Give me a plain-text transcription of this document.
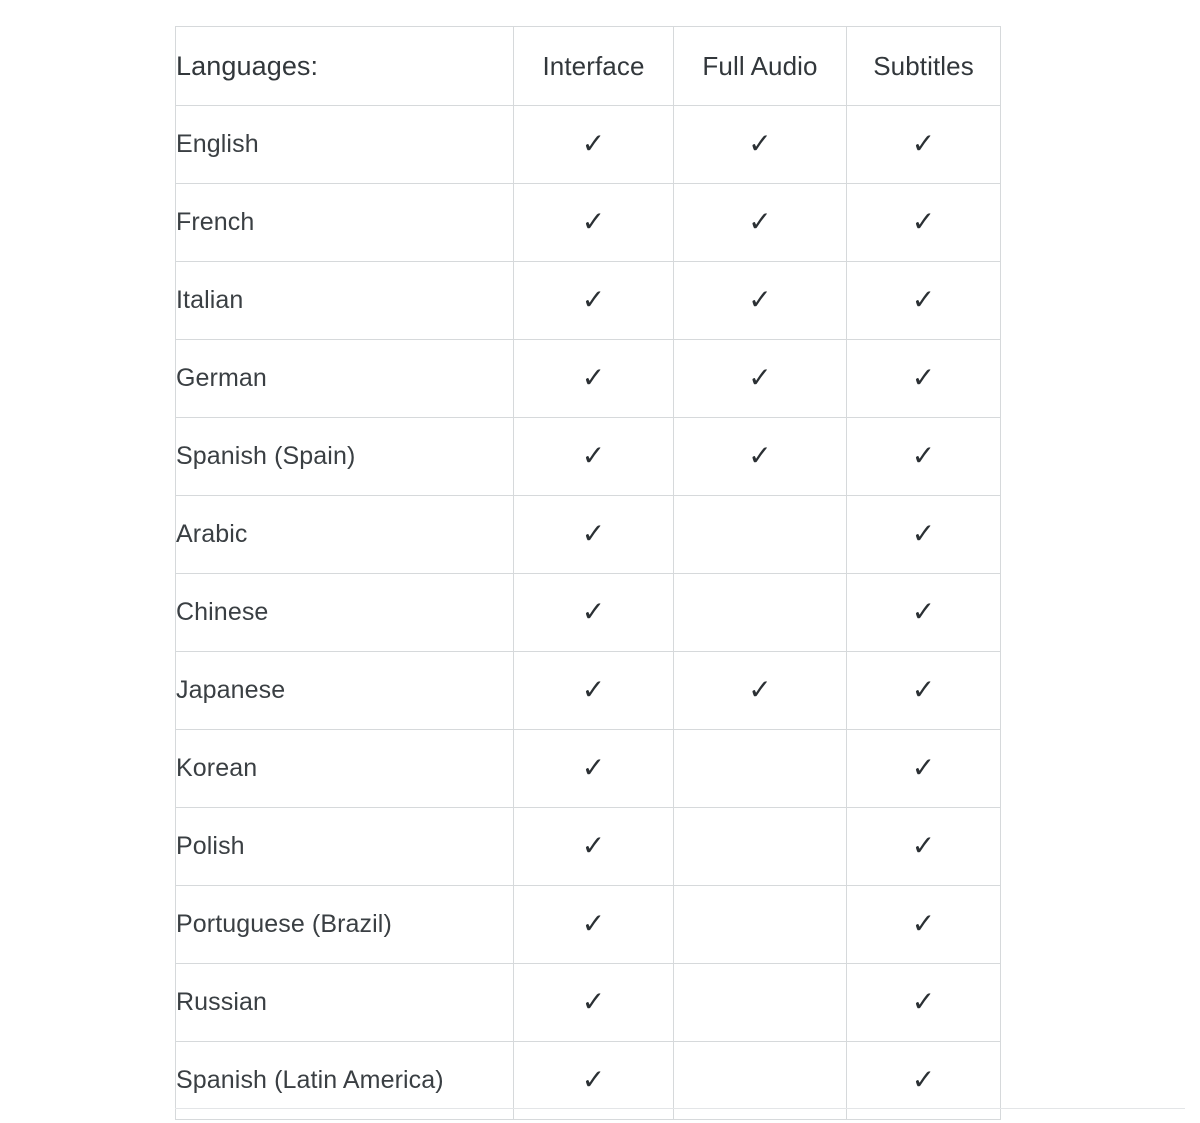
Languages:	Interface	Full Audio	Subtitles
English	✓	✓	✓
French	✓	✓	✓
Italian	✓	✓	✓
German	✓	✓	✓
Spanish (Spain)	✓	✓	✓
Arabic	✓		✓
Chinese	✓		✓
Japanese	✓	✓	✓
Korean	✓		✓
Polish	✓		✓
Portuguese (Brazil)	✓		✓
Russian	✓		✓
Spanish (Latin America)	✓		✓
